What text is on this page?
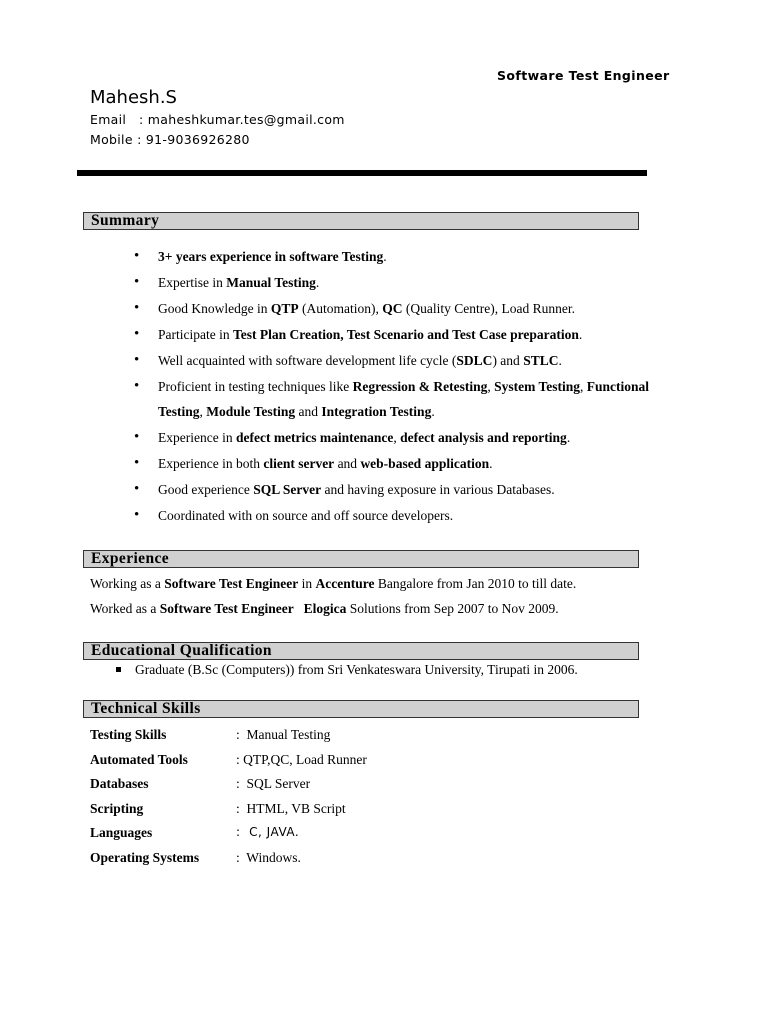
Software Test Engineer
Mahesh.S
Email   : maheshkumar.tes@gmail.com
Mobile : 91-9036926280
Summary
• 3+ years experience in software Testing.
• Expertise in Manual Testing.
• Good Knowledge in QTP (Automation), QC (Quality Centre), Load Runner.
• Participate in Test Plan Creation, Test Scenario and Test Case preparation.
• Well acquainted with software development life cycle (SDLC) and STLC.
• Proficient in testing techniques like Regression & Retesting, System Testing, Functional Testing, Module Testing and Integration Testing.
• Experience in defect metrics maintenance, defect analysis and reporting.
• Experience in both client server and web-based application.
• Good experience SQL Server and having exposure in various Databases.
• Coordinated with on source and off source developers.
Experience
Working as a Software Test Engineer in Accenture Bangalore from Jan 2010 to till date.
Worked as a Software Test Engineer   Elogica Solutions from Sep 2007 to Nov 2009.
Educational Qualification
Graduate (B.Sc (Computers)) from Sri Venkateswara University, Tirupati in 2006.
Technical Skills
Testing Skills	:  Manual Testing
Automated Tools	: QTP,QC, Load Runner
Databases	:  SQL Server
Scripting	:  HTML, VB Script
Languages	:  C, JAVA.
Operating Systems	:  Windows.
